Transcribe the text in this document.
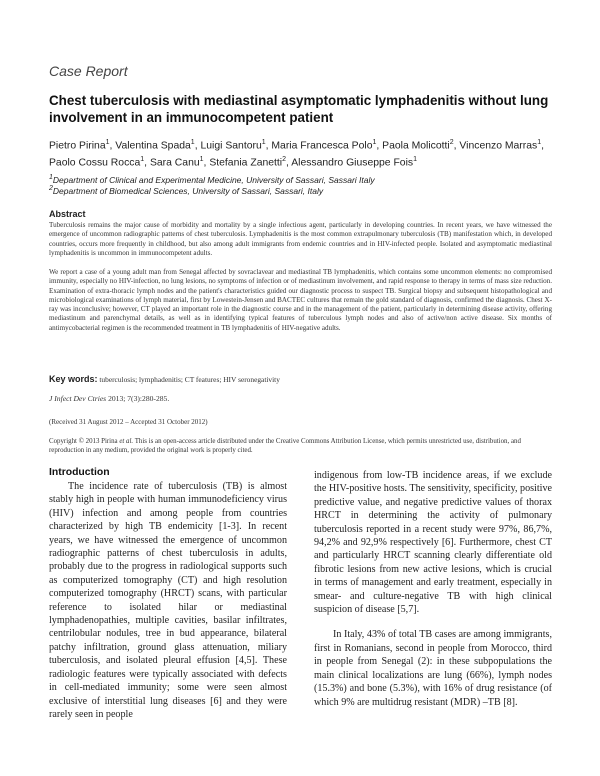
Case Report
Chest tuberculosis with mediastinal asymptomatic lymphadenitis without lung involvement in an immunocompetent patient
Pietro Pirina$^1$, Valentina Spada$^1$, Luigi Santoru$^1$, Maria Francesca Polo$^1$, Paola Molicotti$^2$, Vincenzo Marras$^1$, Paolo Cossu Rocca$^1$, Sara Canu$^1$, Stefania Zanetti$^2$, Alessandro Giuseppe Fois$^1$
$^1$Department of Clinical and Experimental Medicine, University of Sassari, Sassari Italy
$^2$Department of Biomedical Sciences, University of Sassari, Sassari, Italy
Abstract

Tuberculosis remains the major cause of morbidity and mortality by a single infectious agent, particularly in developing countries. In recent years, we have witnessed the emergence of uncommon radiographic patterns of chest tuberculosis. Lymphadenitis is the most common extrapulmonary tuberculosis (TB) manifestation which, in developed countries, occurs more frequently in childhood, but also among adult immigrants from endemic countries and in HIV-infected people. Isolated and asymptomatic mediastinal lymphadenitis is uncommon in immunocompetent adults.

We report a case of a young adult man from Senegal affected by sovraclavear and mediastinal TB lymphadenitis, which contains some uncommon elements: no compromised immunity, especially no HIV-infection, no lung lesions, no symptoms of infection or of mediastinum involvement, and rapid response to therapy in terms of mass size reduction. Examination of extra-thoracic lymph nodes and the patient's characteristics guided our diagnostic process to suspect TB. Surgical biopsy and subsequent histopathological and microbiological examinations of lymph material, first by Lowestein-Jensen and BACTEC cultures that remain the gold standard of diagnosis, confirmed the diagnosis. Chest X-ray was inconclusive; however, CT played an important role in the diagnostic course and in the management of the patient, particularly in determining disease activity, offering mediastinum and parenchymal details, as well as in identifying typical features of tuberculous lymph nodes and also of active/non active disease. Six months of antimycobacterial regimen is the recommended treatment in TB lymphadenitis of HIV-negative adults.

Key words: tuberculosis; lymphadenitis; CT features; HIV seronegativity
J Infect Dev Ctries 2013; 7(3):280-285.
(Received 31 August 2012 – Accepted 31 October 2012)
Copyright © 2013 Pirina et al. This is an open-access article distributed under the Creative Commons Attribution License, which permits unrestricted use, distribution, and reproduction in any medium, provided the original work is properly cited.
Introduction

The incidence rate of tuberculosis (TB) is almost stably high in people with human immunodeficiency virus (HIV) infection and among people from countries characterized by high TB endemicity [1-3]. In recent years, we have witnessed the emergence of uncommon radiographic patterns of chest tuberculosis in adults, probably due to the progress in radiological supports such as computerized tomography (CT) and high resolution computerized tomography (HRCT) scans, with particular reference to isolated hilar or mediastinal lymphadenopathies, multiple cavities, basilar infiltrates, centrilobular nodules, tree in bud appearance, bilateral patchy infiltration, ground glass attenuation, miliary tuberculosis, and isolated pleural effusion [4,5]. These radiologic features were typically associated with defects in cell-mediated immunity; some were seen almost exclusive of interstitial lung diseases [6] and they were rarely seen in people

indigenous from low-TB incidence areas, if we exclude the HIV-positive hosts. The sensitivity, specificity, positive predictive value, and negative predictive values of thorax HRCT in determining the activity of pulmonary tuberculosis reported in a recent study were 97%, 86,7%, 94,2% and 92,9% respectively [6]. Furthermore, chest CT and particularly HRCT scanning clearly differentiate old fibrotic lesions from new active lesions, which is crucial in terms of management and early treatment, especially in smear- and culture-negative TB with high clinical suspicion of disease [5,7].

In Italy, 43% of total TB cases are among immigrants, first in Romanians, second in people from Morocco, third in people from Senegal (2): in these subpopulations the main clinical localizations are lung (66%), lymph nodes (15.3%) and bone (5.3%), with 16% of drug resistance (of which 9% are multidrug resistant (MDR) –TB [8].
